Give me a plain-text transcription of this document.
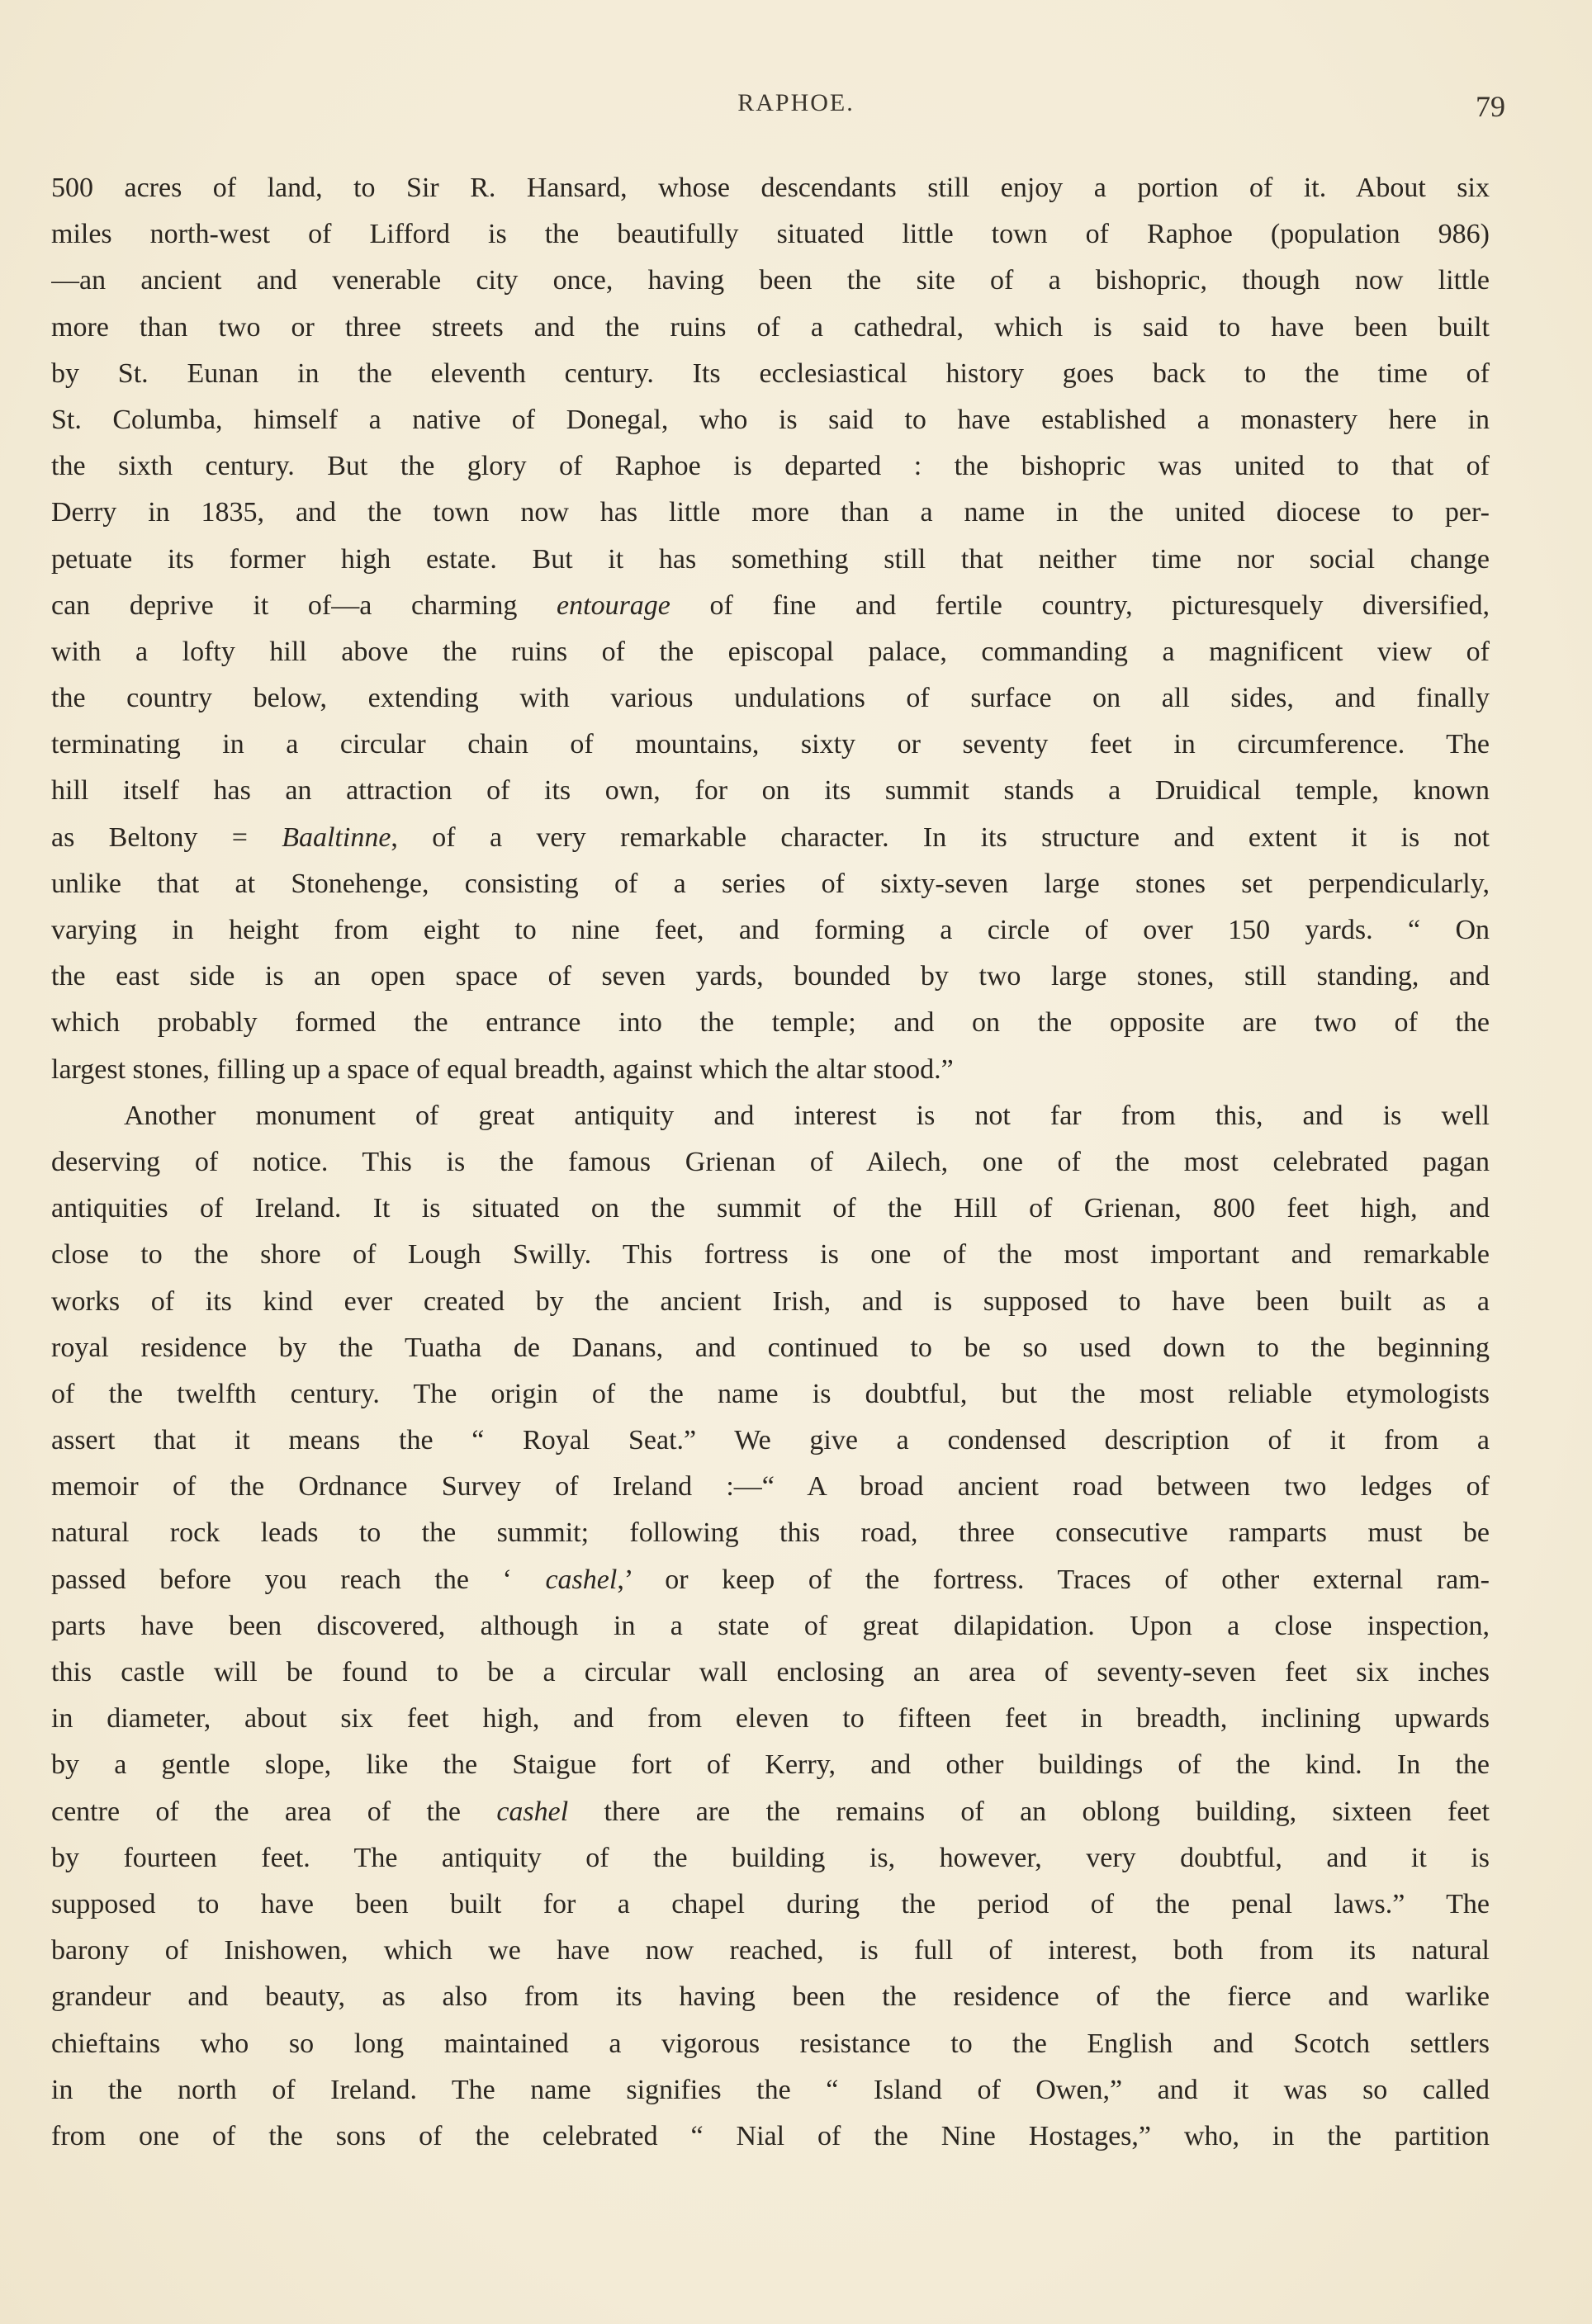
RAPHOE.	79
500 acres of land, to Sir R. Hansard, whose descendants still enjoy a portion of it. About six
miles north-west of Lifford is the beautifully situated little town of Raphoe (population 986)
—an ancient and venerable city once, having been the site of a bishopric, though now little
more than two or three streets and the ruins of a cathedral, which is said to have been built
by St. Eunan in the eleventh century. Its ecclesiastical history goes back to the time of
St. Columba, himself a native of Donegal, who is said to have established a monastery here in
the sixth century. But the glory of Raphoe is departed : the bishopric was united to that of
Derry in 1835, and the town now has little more than a name in the united diocese to per-
petuate its former high estate. But it has something still that neither time nor social change
can deprive it of—a charming entourage of fine and fertile country, picturesquely diversified,
with a lofty hill above the ruins of the episcopal palace, commanding a magnificent view of
the country below, extending with various undulations of surface on all sides, and finally
terminating in a circular chain of mountains, sixty or seventy feet in circumference. The
hill itself has an attraction of its own, for on its summit stands a Druidical temple, known
as Beltony = Baaltinne, of a very remarkable character. In its structure and extent it is not
unlike that at Stonehenge, consisting of a series of sixty-seven large stones set perpendicularly,
varying in height from eight to nine feet, and forming a circle of over 150 yards. “ On
the east side is an open space of seven yards, bounded by two large stones, still standing, and
which probably formed the entrance into the temple; and on the opposite are two of the
largest stones, filling up a space of equal breadth, against which the altar stood.”
Another monument of great antiquity and interest is not far from this, and is well
deserving of notice. This is the famous Grienan of Ailech, one of the most celebrated pagan
antiquities of Ireland. It is situated on the summit of the Hill of Grienan, 800 feet high, and
close to the shore of Lough Swilly. This fortress is one of the most important and remarkable
works of its kind ever created by the ancient Irish, and is supposed to have been built as a
royal residence by the Tuatha de Danans, and continued to be so used down to the beginning
of the twelfth century. The origin of the name is doubtful, but the most reliable etymologists
assert that it means the “ Royal Seat.” We give a condensed description of it from a
memoir of the Ordnance Survey of Ireland :—“ A broad ancient road between two ledges of
natural rock leads to the summit; following this road, three consecutive ramparts must be
passed before you reach the ‘ cashel,’ or keep of the fortress. Traces of other external ram-
parts have been discovered, although in a state of great dilapidation. Upon a close inspection,
this castle will be found to be a circular wall enclosing an area of seventy-seven feet six inches
in diameter, about six feet high, and from eleven to fifteen feet in breadth, inclining upwards
by a gentle slope, like the Staigue fort of Kerry, and other buildings of the kind. In the
centre of the area of the cashel there are the remains of an oblong building, sixteen feet
by fourteen feet. The antiquity of the building is, however, very doubtful, and it is
supposed to have been built for a chapel during the period of the penal laws.” The
barony of Inishowen, which we have now reached, is full of interest, both from its natural
grandeur and beauty, as also from its having been the residence of the fierce and warlike
chieftains who so long maintained a vigorous resistance to the English and Scotch settlers
in the north of Ireland. The name signifies the “ Island of Owen,” and it was so called
from one of the sons of the celebrated “ Nial of the Nine Hostages,” who, in the partition
